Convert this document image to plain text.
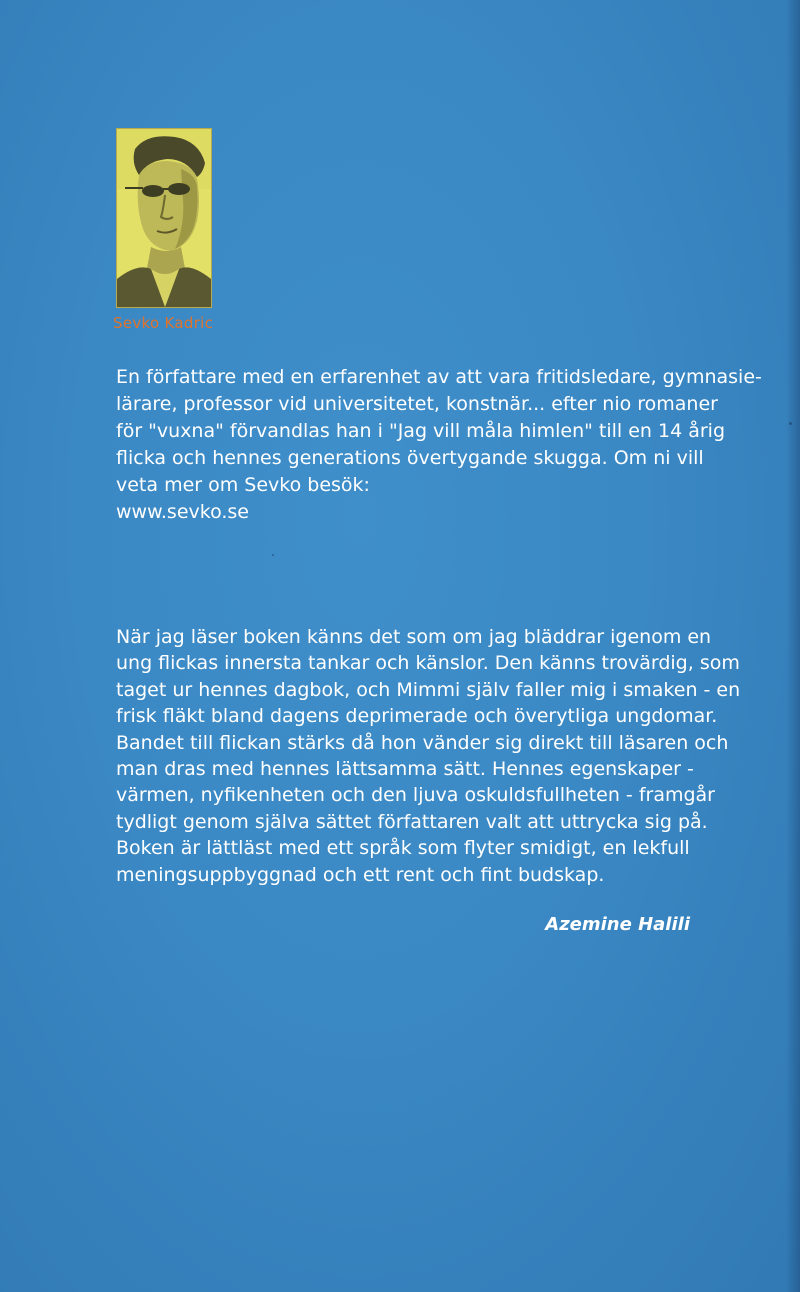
Sevko Kadric
En författare med en erfarenhet av att vara fritidsledare, gymnasie-
lärare, professor vid universitetet, konstnär... efter nio romaner
för "vuxna" förvandlas han i "Jag vill måla himlen" till en 14 årig
flicka och hennes generations övertygande skugga. Om ni vill
veta mer om Sevko besök:
www.sevko.se
När jag läser boken känns det som om jag bläddrar igenom en
ung flickas innersta tankar och känslor. Den känns trovärdig, som
taget ur hennes dagbok, och Mimmi själv faller mig i smaken - en
frisk fläkt bland dagens deprimerade och överytliga ungdomar.
Bandet till flickan stärks då hon vänder sig direkt till läsaren och
man dras med hennes lättsamma sätt. Hennes egenskaper -
värmen, nyfikenheten och den ljuva oskuldsfullheten - framgår
tydligt genom själva sättet författaren valt att uttrycka sig på.
Boken är lättläst med ett språk som flyter smidigt, en lekfull
meningsuppbyggnad och ett rent och fint budskap.
Azemine Halili
